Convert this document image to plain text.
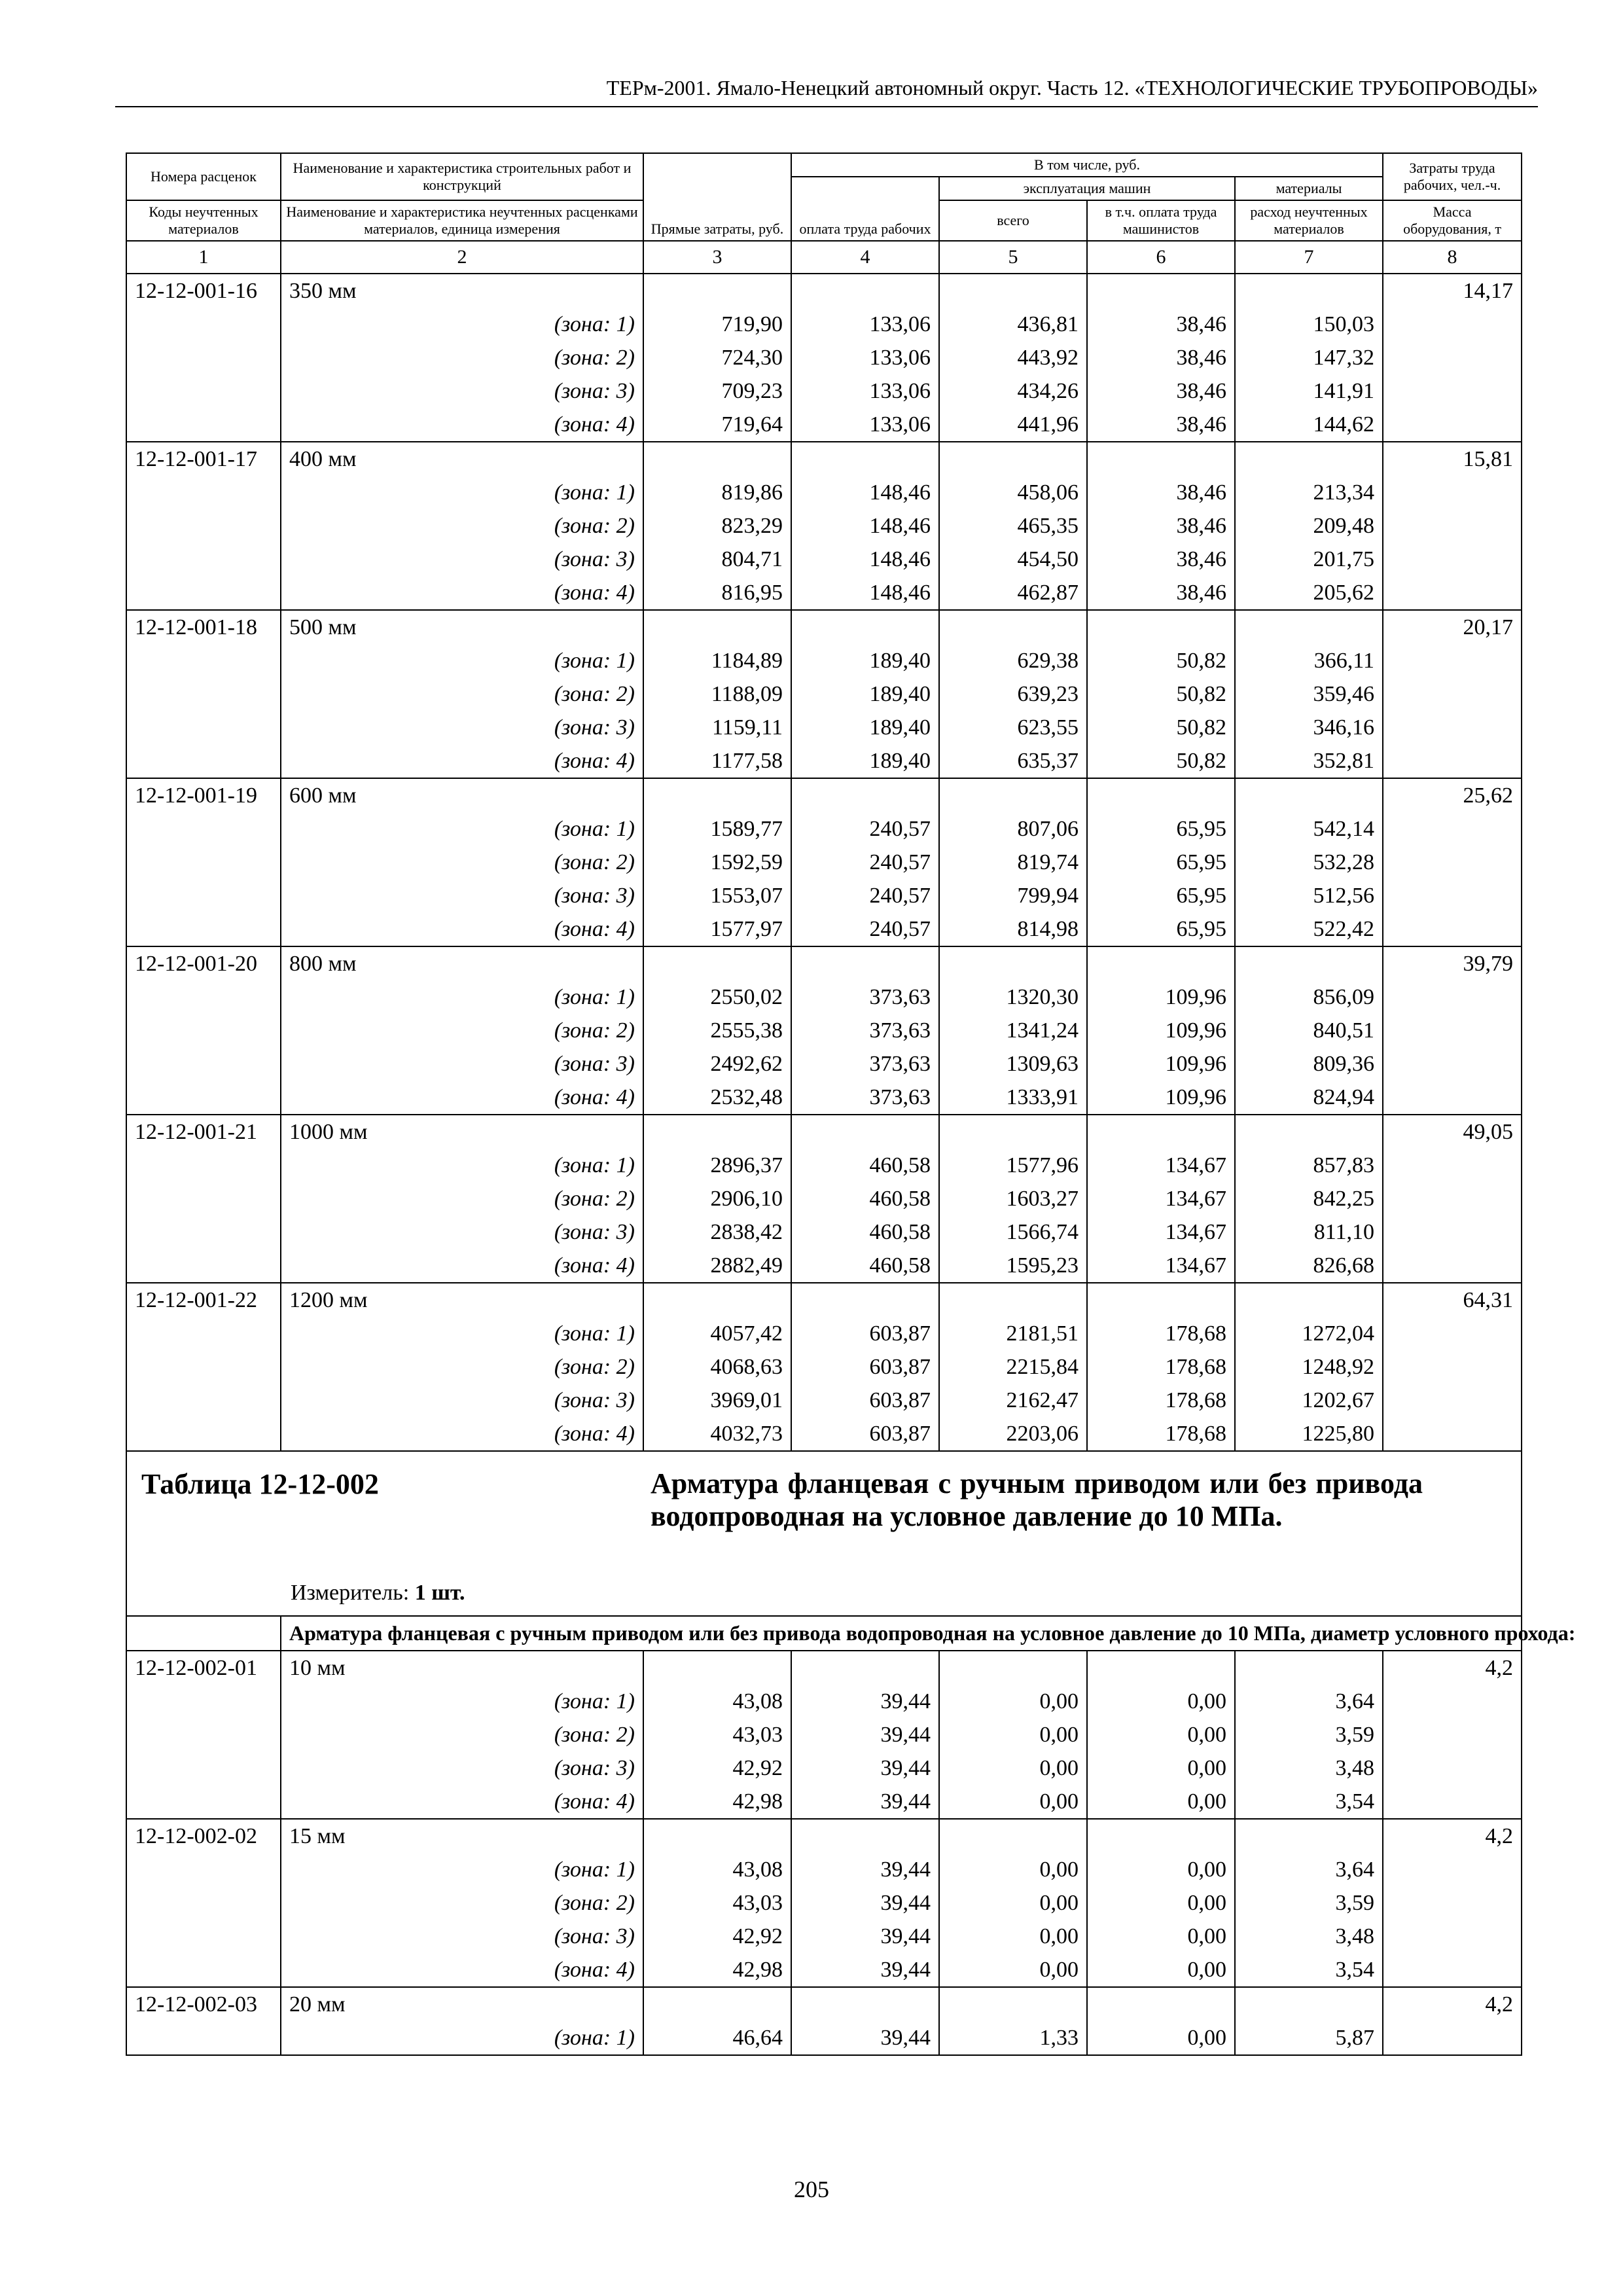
ТЕРм-2001. Ямало-Ненецкий автономный округ. Часть 12. «ТЕХНОЛОГИЧЕСКИЕ ТРУБОПРОВОДЫ»
Номера расценок	Наименование и характеристика строительных работ и конструкций	Прямые затраты, руб.	В том числе, руб.				Затраты труда рабочих, чел.-ч.
			оплата труда рабочих	эксплуатация машин		материалы	
Коды неучтенных материалов	Наименование и характеристика неучтенных расценками материалов, единица измерения			всего	в т.ч. оплата труда машинистов	расход неучтенных материалов	Масса оборудования, т
1	2	3	4	5	6	7	8
12-12-001-16	350 мм						14,17
	(зона: 1)	719,90	133,06	436,81	38,46	150,03	
	(зона: 2)	724,30	133,06	443,92	38,46	147,32	
	(зона: 3)	709,23	133,06	434,26	38,46	141,91	
	(зона: 4)	719,64	133,06	441,96	38,46	144,62	
12-12-001-17	400 мм						15,81
	(зона: 1)	819,86	148,46	458,06	38,46	213,34	
	(зона: 2)	823,29	148,46	465,35	38,46	209,48	
	(зона: 3)	804,71	148,46	454,50	38,46	201,75	
	(зона: 4)	816,95	148,46	462,87	38,46	205,62	
12-12-001-18	500 мм						20,17
	(зона: 1)	1184,89	189,40	629,38	50,82	366,11	
	(зона: 2)	1188,09	189,40	639,23	50,82	359,46	
	(зона: 3)	1159,11	189,40	623,55	50,82	346,16	
	(зона: 4)	1177,58	189,40	635,37	50,82	352,81	
12-12-001-19	600 мм						25,62
	(зона: 1)	1589,77	240,57	807,06	65,95	542,14	
	(зона: 2)	1592,59	240,57	819,74	65,95	532,28	
	(зона: 3)	1553,07	240,57	799,94	65,95	512,56	
	(зона: 4)	1577,97	240,57	814,98	65,95	522,42	
12-12-001-20	800 мм						39,79
	(зона: 1)	2550,02	373,63	1320,30	109,96	856,09	
	(зона: 2)	2555,38	373,63	1341,24	109,96	840,51	
	(зона: 3)	2492,62	373,63	1309,63	109,96	809,36	
	(зона: 4)	2532,48	373,63	1333,91	109,96	824,94	
12-12-001-21	1000 мм						49,05
	(зона: 1)	2896,37	460,58	1577,96	134,67	857,83	
	(зона: 2)	2906,10	460,58	1603,27	134,67	842,25	
	(зона: 3)	2838,42	460,58	1566,74	134,67	811,10	
	(зона: 4)	2882,49	460,58	1595,23	134,67	826,68	
12-12-001-22	1200 мм						64,31
	(зона: 1)	4057,42	603,87	2181,51	178,68	1272,04	
	(зона: 2)	4068,63	603,87	2215,84	178,68	1248,92	
	(зона: 3)	3969,01	603,87	2162,47	178,68	1202,67	
	(зона: 4)	4032,73	603,87	2203,06	178,68	1225,80	

Таблица 12-12-002 Арматура фланцевая с ручным приводом или без привода водопроводная на условное давление до 10 МПа.
Измеритель: 1 шт.							

	Арматура фланцевая с ручным приводом или без привода водопроводная на условное давление до 10 МПа, диаметр условного прохода:						
12-12-002-01	10 мм						4,2
	(зона: 1)	43,08	39,44	0,00	0,00	3,64	
	(зона: 2)	43,03	39,44	0,00	0,00	3,59	
	(зона: 3)	42,92	39,44	0,00	0,00	3,48	
	(зона: 4)	42,98	39,44	0,00	0,00	3,54	
12-12-002-02	15 мм						4,2
	(зона: 1)	43,08	39,44	0,00	0,00	3,64	
	(зона: 2)	43,03	39,44	0,00	0,00	3,59	
	(зона: 3)	42,92	39,44	0,00	0,00	3,48	
	(зона: 4)	42,98	39,44	0,00	0,00	3,54	
12-12-002-03	20 мм						4,2
	(зона: 1)	46,64	39,44	1,33	0,00	5,87	
205
